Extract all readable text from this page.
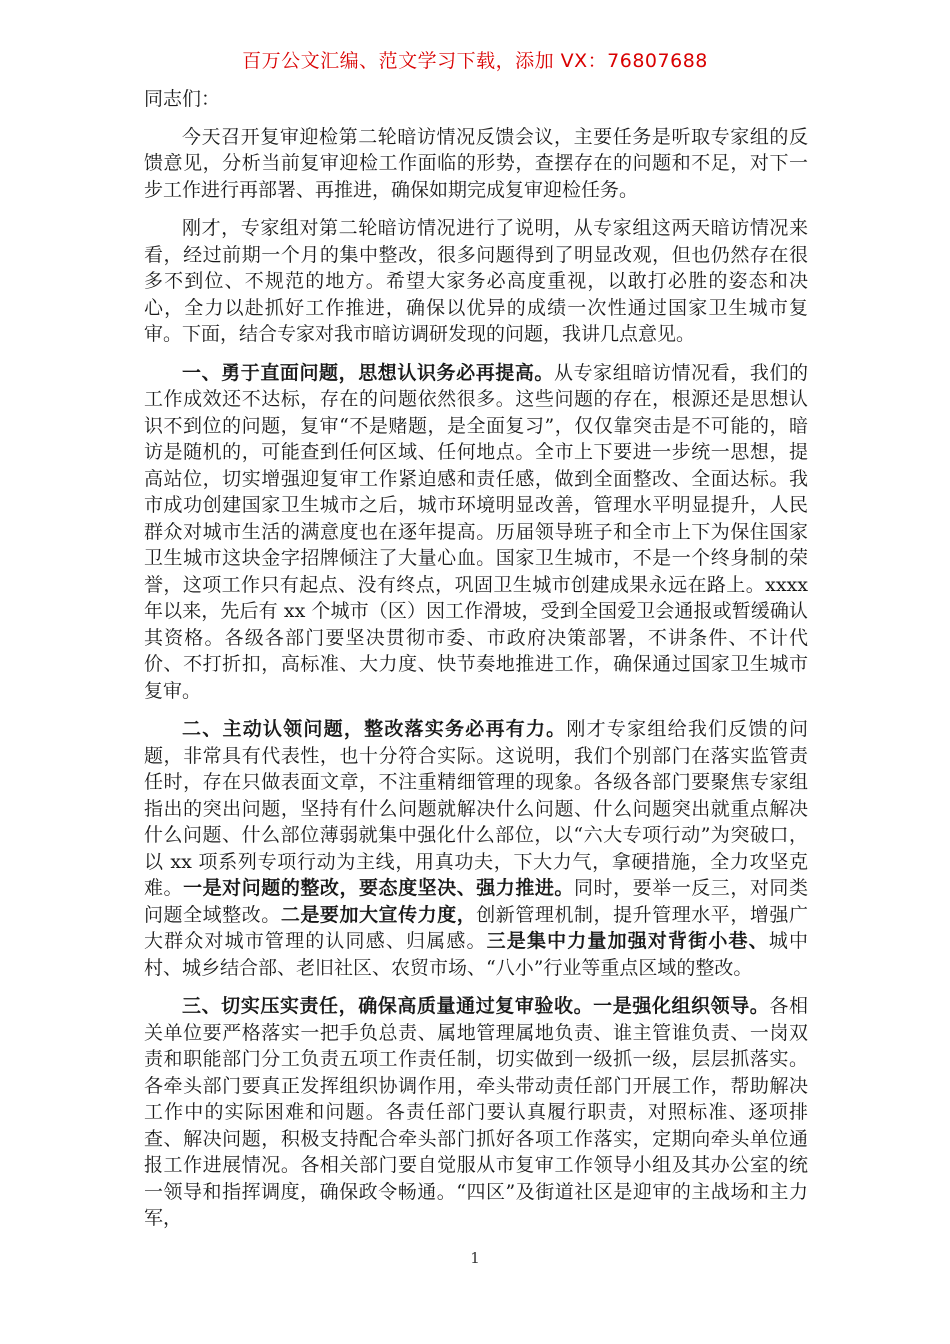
百万公文汇编、范文学习下载，添加 VX：76807688

同志们：

今天召开复审迎检第二轮暗访情况反馈会议，主要任务是听取专家组的反馈意见，分析当前复审迎检工作面临的形势，查摆存在的问题和不足，对下一步工作进行再部署、再推进，确保如期完成复审迎检任务。

刚才，专家组对第二轮暗访情况进行了说明，从专家组这两天暗访情况来看，经过前期一个月的集中整改，很多问题得到了明显改观，但也仍然存在很多不到位、不规范的地方。希望大家务必高度重视，以敢打必胜的姿态和决心，全力以赴抓好工作推进，确保以优异的成绩一次性通过国家卫生城市复审。下面，结合专家对我市暗访调研发现的问题，我讲几点意见。

一、勇于直面问题，思想认识务必再提高。从专家组暗访情况看，我们的工作成效还不达标，存在的问题依然很多。这些问题的存在，根源还是思想认识不到位的问题，复审“不是赌题，是全面复习”，仅仅靠突击是不可能的，暗访是随机的，可能查到任何区域、任何地点。全市上下要进一步统一思想，提高站位，切实增强迎复审工作紧迫感和责任感，做到全面整改、全面达标。我市成功创建国家卫生城市之后，城市环境明显改善，管理水平明显提升，人民群众对城市生活的满意度也在逐年提高。历届领导班子和全市上下为保住国家卫生城市这块金字招牌倾注了大量心血。国家卫生城市，不是一个终身制的荣誉，这项工作只有起点、没有终点，巩固卫生城市创建成果永远在路上。xxxx 年以来，先后有 xx 个城市（区）因工作滑坡，受到全国爱卫会通报或暂缓确认其资格。各级各部门要坚决贯彻市委、市政府决策部署，不讲条件、不计代价、不打折扣，高标准、大力度、快节奏地推进工作，确保通过国家卫生城市复审。

二、主动认领问题，整改落实务必再有力。刚才专家组给我们反馈的问题，非常具有代表性，也十分符合实际。这说明，我们个别部门在落实监管责任时，存在只做表面文章，不注重精细管理的现象。各级各部门要聚焦专家组指出的突出问题，坚持有什么问题就解决什么问题、什么问题突出就重点解决什么问题、什么部位薄弱就集中强化什么部位，以“六大专项行动”为突破口，以 xx 项系列专项行动为主线，用真功夫，下大力气，拿硬措施，全力攻坚克难。一是对问题的整改，要态度坚决、强力推进。同时，要举一反三，对同类问题全域整改。二是要加大宣传力度，创新管理机制，提升管理水平，增强广大群众对城市管理的认同感、归属感。三是集中力量加强对背街小巷、城中村、城乡结合部、老旧社区、农贸市场、“八小”行业等重点区域的整改。

三、切实压实责任，确保高质量通过复审验收。一是强化组织领导。各相关单位要严格落实一把手负总责、属地管理属地负责、谁主管谁负责、一岗双责和职能部门分工负责五项工作责任制，切实做到一级抓一级，层层抓落实。各牵头部门要真正发挥组织协调作用，牵头带动责任部门开展工作，帮助解决工作中的实际困难和问题。各责任部门要认真履行职责，对照标准、逐项排查、解决问题，积极支持配合牵头部门抓好各项工作落实，定期向牵头单位通报工作进展情况。各相关部门要自觉服从市复审工作领导小组及其办公室的统一领导和指挥调度，确保政令畅通。“四区”及街道社区是迎审的主战场和主力军，

1
